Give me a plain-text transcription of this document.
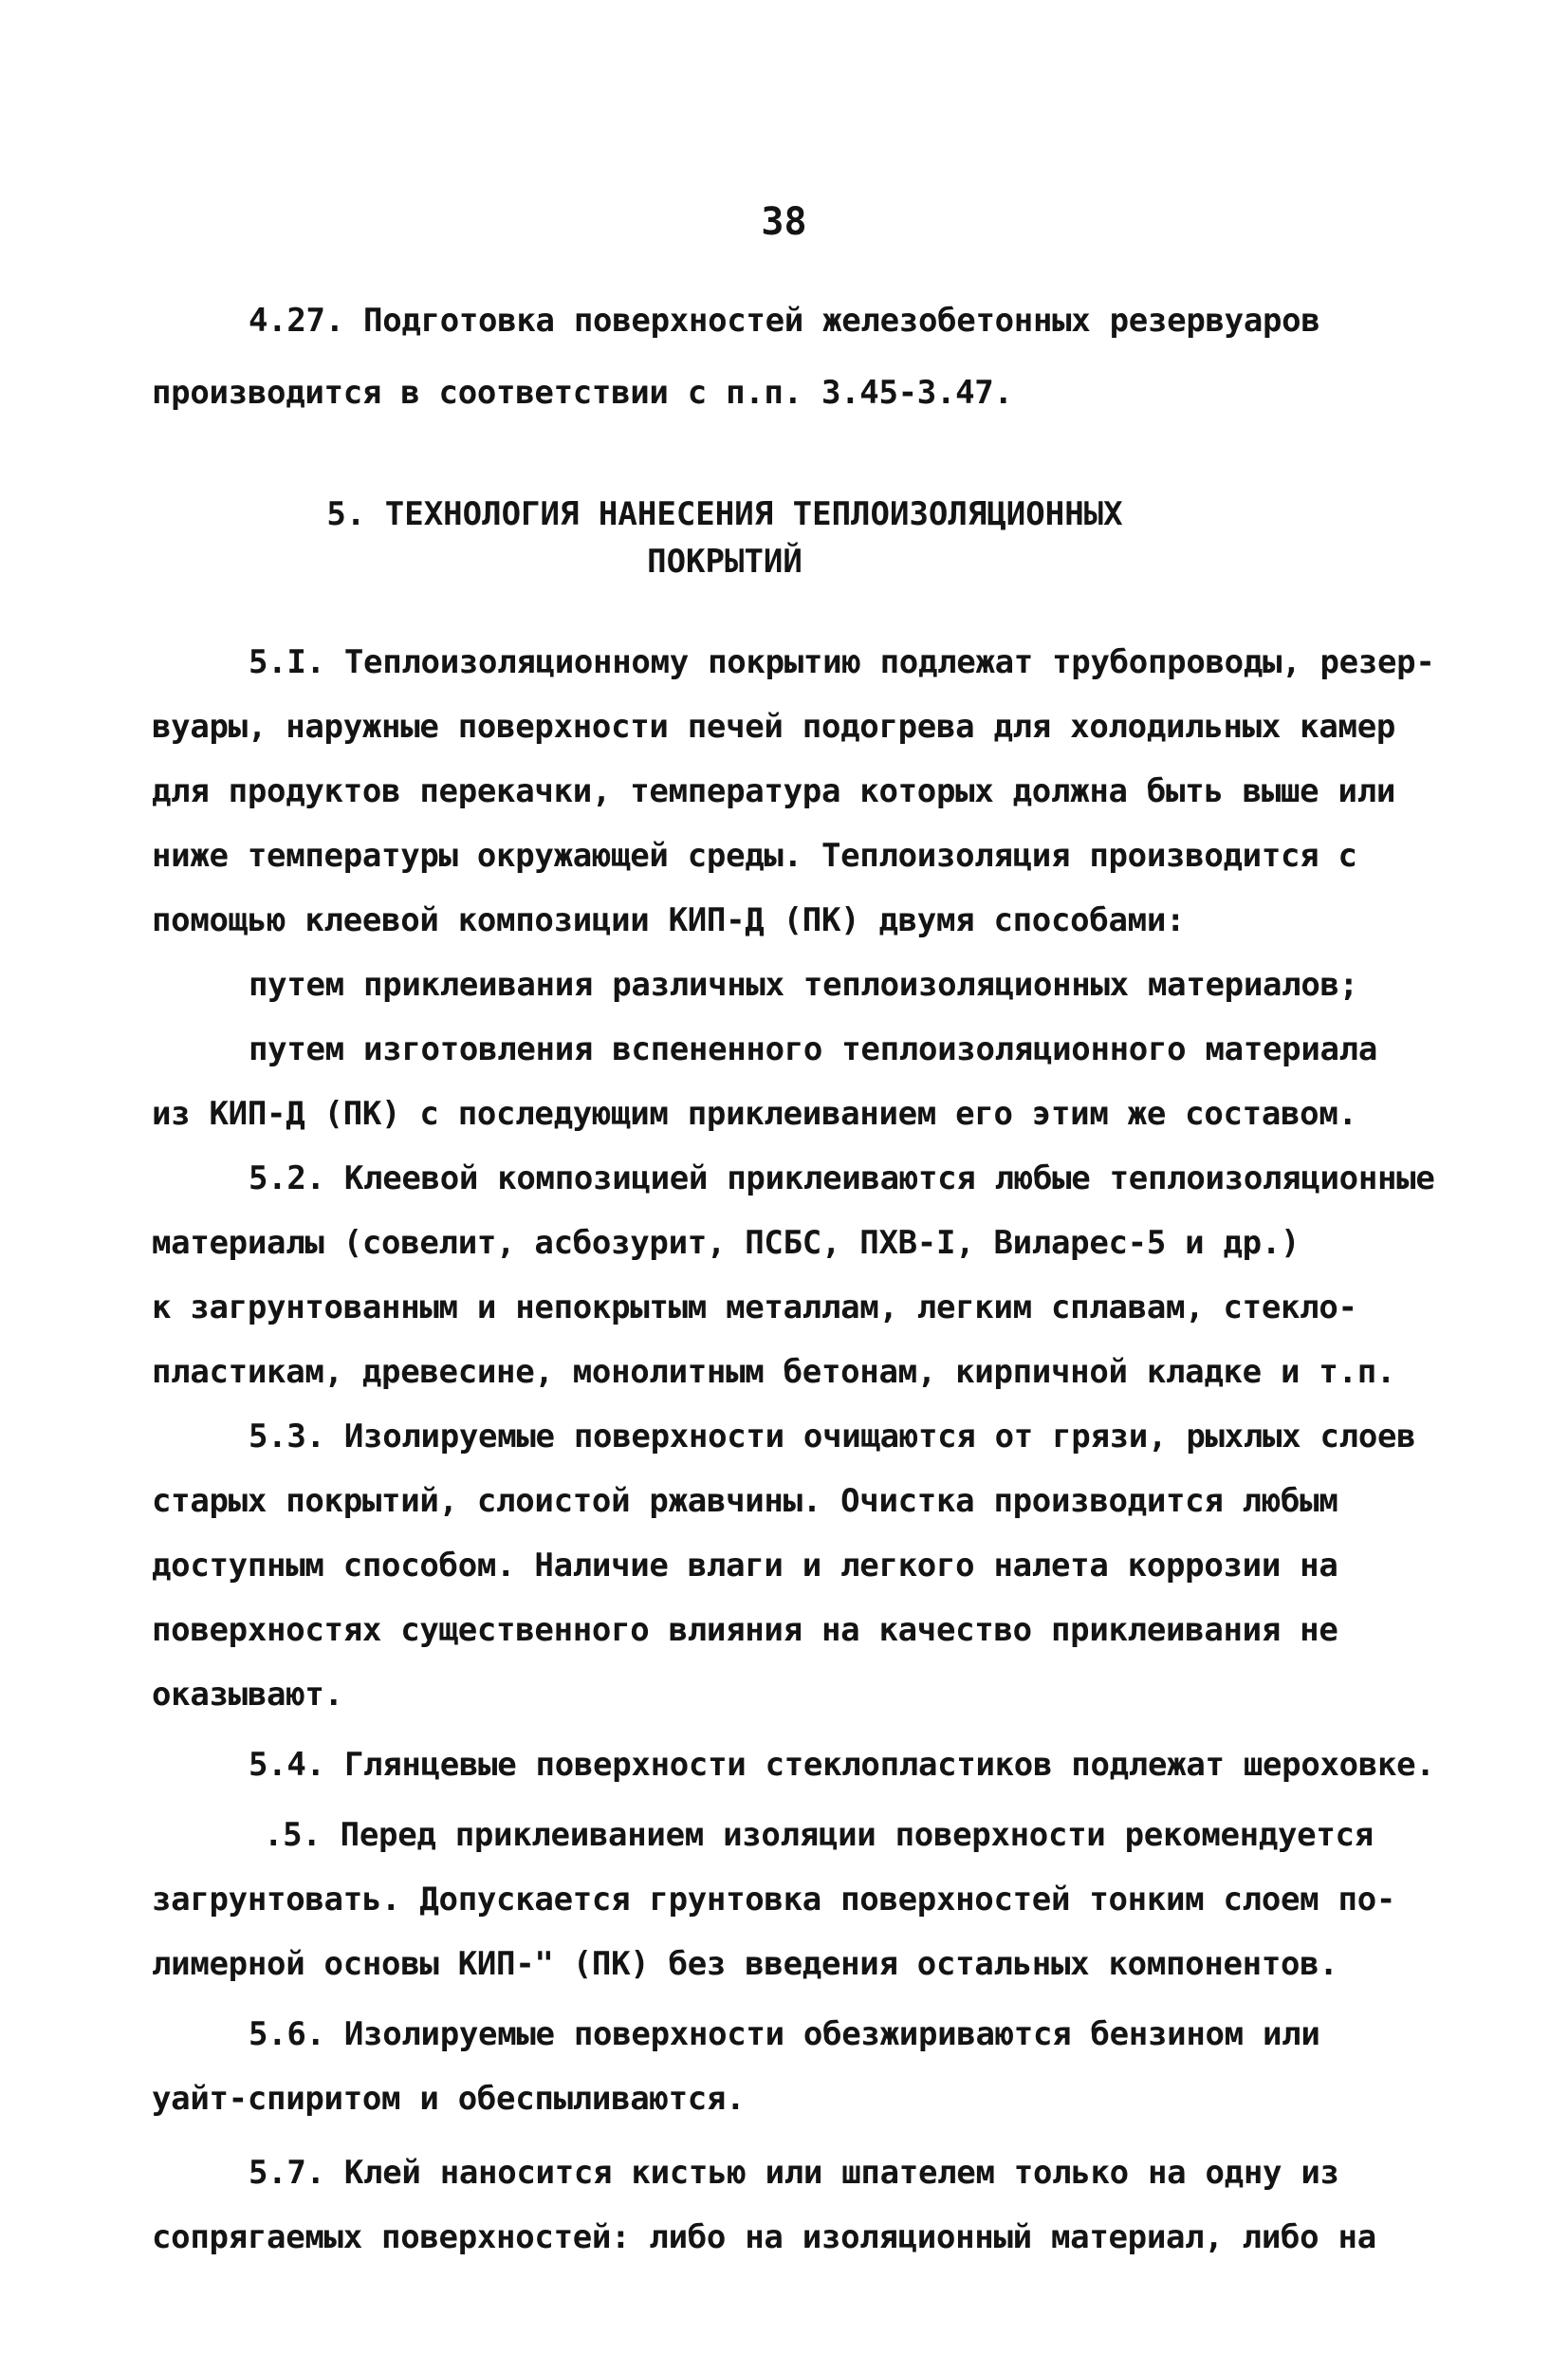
38
4.27. Подготовка поверхностей железобетонных резервуаров
производится в соответствии с п.п. 3.45-3.47.
5. ТЕХНОЛОГИЯ НАНЕСЕНИЯ ТЕПЛОИЗОЛЯЦИОННЫХ
ПОКРЫТИЙ
5.I. Теплоизоляционному покрытию подлежат трубопроводы, резер-
вуары, наружные поверхности печей подогрева для холодильных камер
для продуктов перекачки, температура которых должна быть выше или
ниже температуры окружающей среды. Теплоизоляция производится с
помощью клеевой композиции КИП-Д (ПК) двумя способами:
путем приклеивания различных теплоизоляционных материалов;
путем изготовления вспененного теплоизоляционного материала
из КИП-Д (ПК) с последующим приклеиванием его этим же составом.
5.2. Клеевой композицией приклеиваются любые теплоизоляционные
материалы (совелит, асбозурит, ПСБС, ПХВ-I, Виларес-5 и др.)
к загрунтованным и непокрытым металлам, легким сплавам, стекло-
пластикам, древесине, монолитным бетонам, кирпичной кладке и т.п.
5.3. Изолируемые поверхности очищаются от грязи, рыхлых слоев
старых покрытий, слоистой ржавчины. Очистка производится любым
доступным способом. Наличие влаги и легкого налета коррозии на
поверхностях существенного влияния на качество приклеивания не
оказывают.
5.4. Глянцевые поверхности стеклопластиков подлежат шероховке.
.5. Перед приклеиванием изоляции поверхности рекомендуется
загрунтовать. Допускается грунтовка поверхностей тонким слоем по-
лимерной основы КИП-" (ПК) без введения остальных компонентов.
5.6. Изолируемые поверхности обезжириваются бензином или
уайт-спиритом и обеспыливаются.
5.7. Клей наносится кистью или шпателем только на одну из
сопрягаемых поверхностей: либо на изоляционный материал, либо на
